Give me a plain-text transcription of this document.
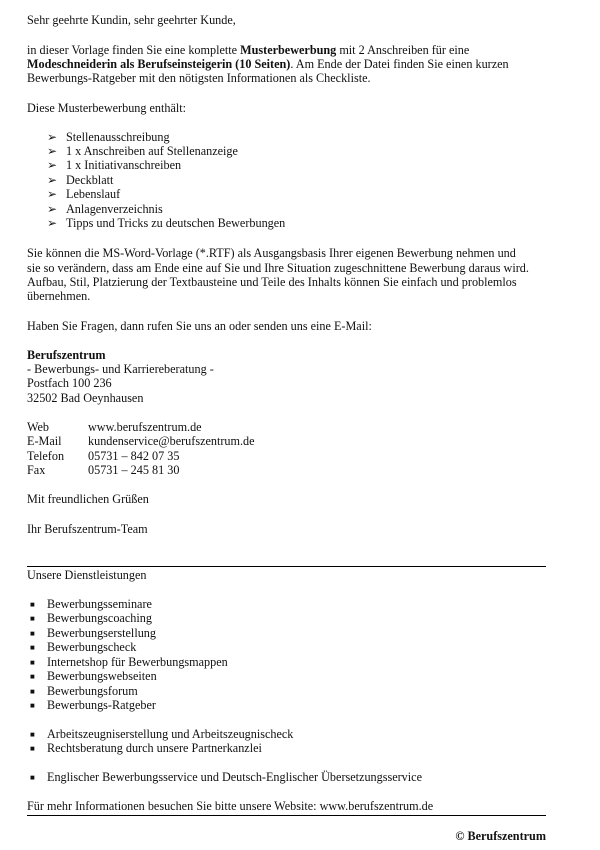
Sehr geehrte Kundin, sehr geehrter Kunde,
in dieser Vorlage finden Sie eine komplette Musterbewerbung mit 2 Anschreiben für eine
Modeschneiderin als Berufseinsteigerin (10 Seiten). Am Ende der Datei finden Sie einen kurzen
Bewerbungs-Ratgeber mit den nötigsten Informationen als Checkliste.
Diese Musterbewerbung enthält:
➢ Stellenausschreibung
➢ 1 x Anschreiben auf Stellenanzeige
➢ 1 x Initiativanschreiben
➢ Deckblatt
➢ Lebenslauf
➢ Anlagenverzeichnis
➢ Tipps und Tricks zu deutschen Bewerbungen
Sie können die MS-Word-Vorlage (*.RTF) als Ausgangsbasis Ihrer eigenen Bewerbung nehmen und
sie so verändern, dass am Ende eine auf Sie und Ihre Situation zugeschnittene Bewerbung daraus wird.
Aufbau, Stil, Platzierung der Textbausteine und Teile des Inhalts können Sie einfach und problemlos
übernehmen.
Haben Sie Fragen, dann rufen Sie uns an oder senden uns eine E-Mail:
Berufszentrum
- Bewerbungs- und Karriereberatung -
Postfach 100 236
32502 Bad Oeynhausen
Web	www.berufszentrum.de
E-Mail kundenservice@berufszentrum.de
Telefon 05731 – 842 07 35
Fax	05731 – 245 81 30
Mit freundlichen Grüßen
Ihr Berufszentrum-Team
Unsere Dienstleistungen
■ Bewerbungsseminare
■ Bewerbungscoaching
■ Bewerbungserstellung
■ Bewerbungscheck
■ Internetshop für Bewerbungsmappen
■ Bewerbungswebseiten
■ Bewerbungsforum
■ Bewerbungs-Ratgeber
■ Arbeitszeugniserstellung und Arbeitszeugnischeck
■ Rechtsberatung durch unsere Partnerkanzlei
■ Englischer Bewerbungsservice und Deutsch-Englischer Übersetzungsservice
Für mehr Informationen besuchen Sie bitte unsere Website: www.berufszentrum.de
© Berufszentrum
